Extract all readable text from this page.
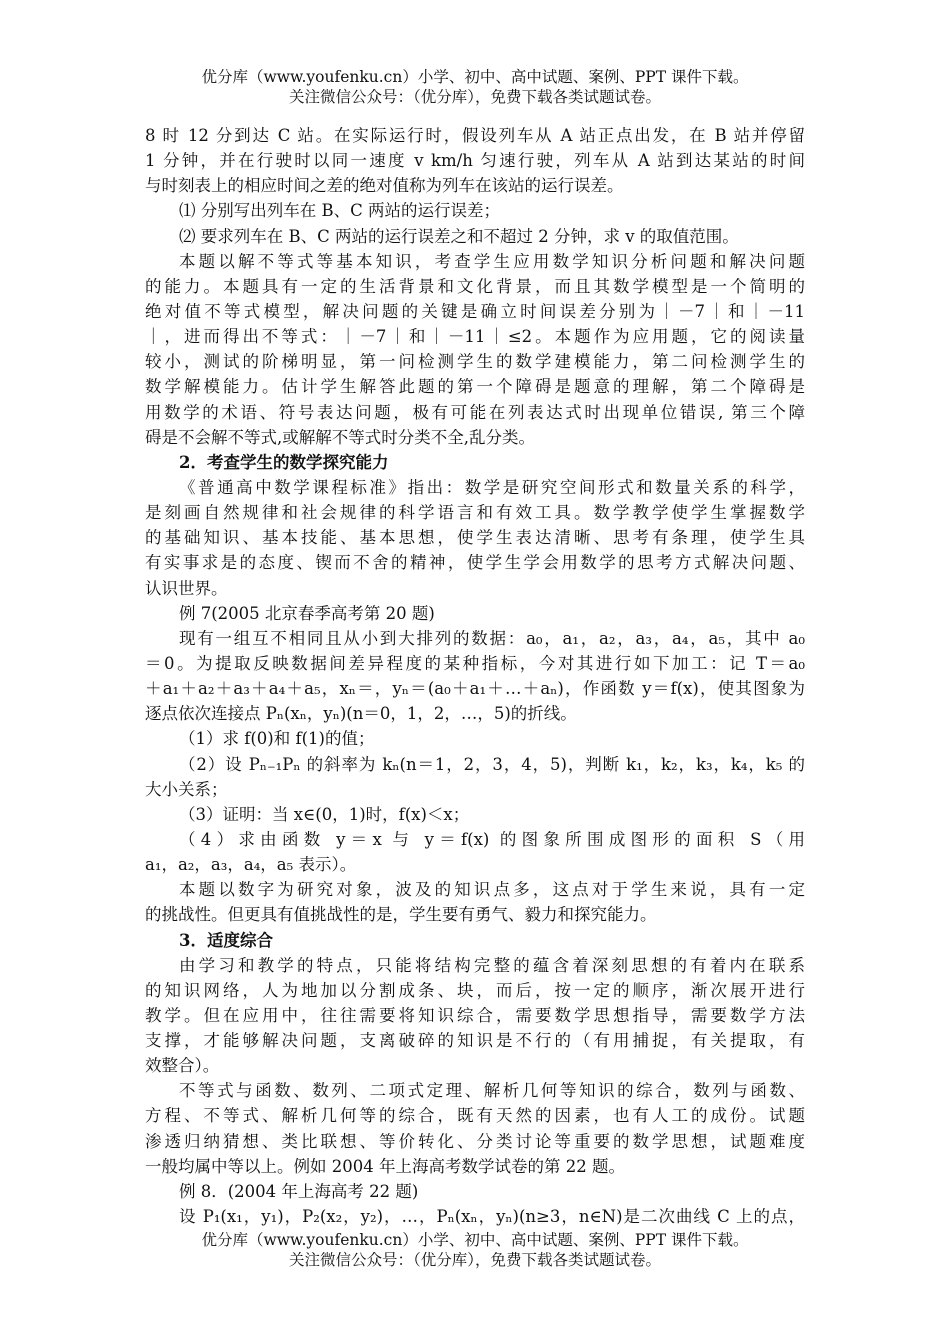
优分库（www.youfenku.cn）小学、初中、高中试题、案例、PPT 课件下载。
关注微信公众号：（优分库），免费下载各类试题试卷。
8 时 12 分到达 C 站。在实际运行时，假设列车从 A 站正点出发，在 B 站并停留
1 分钟，并在行驶时以同一速度 v km/h 匀速行驶，列车从 A 站到达某站的时间
与时刻表上的相应时间之差的绝对值称为列车在该站的运行误差。
⑴ 分别写出列车在 B、C 两站的运行误差；
⑵ 要求列车在 B、C 两站的运行误差之和不超过 2 分钟，求 v 的取值范围。
本题以解不等式等基本知识，考查学生应用数学知识分析问题和解决问题
的能力。本题具有一定的生活背景和文化背景，而且其数学模型是一个简明的
绝对值不等式模型，解决问题的关键是确立时间误差分别为｜－7｜和｜－11
｜，进而得出不等式：｜－7｜和｜－11｜≤2。本题作为应用题，它的阅读量
较小，测试的阶梯明显，第一问检测学生的数学建模能力，第二问检测学生的
数学解模能力。估计学生解答此题的第一个障碍是题意的理解，第二个障碍是
用数学的术语、符号表达问题，极有可能在列表达式时出现单位错误, 第三个障
碍是不会解不等式,或解解不等式时分类不全,乱分类。
2．考查学生的数学探究能力
《普通高中数学课程标准》指出：数学是研究空间形式和数量关系的科学，
是刻画自然规律和社会规律的科学语言和有效工具。数学教学使学生掌握数学
的基础知识、基本技能、基本思想，使学生表达清晰、思考有条理，使学生具
有实事求是的态度、锲而不舍的精神，使学生学会用数学的思考方式解决问题、
认识世界。
例 7(2005 北京春季高考第 20 题)
现有一组互不相同且从小到大排列的数据：a₀，a₁，a₂，a₃，a₄，a₅，其中 a₀
＝0。为提取反映数据间差异程度的某种指标，今对其进行如下加工：记 T＝a₀
＋a₁＋a₂＋a₃＋a₄＋a₅，xₙ＝，yₙ＝(a₀＋a₁＋…＋aₙ)，作函数 y＝f(x)，使其图象为
逐点依次连接点 Pₙ(xₙ，yₙ)(n＝0，1，2，…，5)的折线。
（1）求 f(0)和 f(1)的值；
（2）设 Pₙ₋₁Pₙ 的斜率为 kₙ(n＝1，2，3，4，5)，判断 k₁，k₂，k₃，k₄，k₅ 的
大小关系；
（3）证明：当 x∈(0，1)时，f(x)＜x；
（4）求由函数 y＝x 与 y＝f(x) 的图象所围成图形的面积 S（用
a₁，a₂，a₃，a₄，a₅ 表示）。
本题以数字为研究对象，波及的知识点多，这点对于学生来说，具有一定
的挑战性。但更具有值挑战性的是，学生要有勇气、毅力和探究能力。
3．适度综合
由学习和教学的特点，只能将结构完整的蕴含着深刻思想的有着内在联系
的知识网络，人为地加以分割成条、块，而后，按一定的顺序，渐次展开进行
教学。但在应用中，往往需要将知识综合，需要数学思想指导，需要数学方法
支撑，才能够解决问题，支离破碎的知识是不行的（有用捕捉，有关提取，有
效整合）。
不等式与函数、数列、二项式定理、解析几何等知识的综合，数列与函数、
方程、不等式、解析几何等的综合，既有天然的因素，也有人工的成份。试题
渗透归纳猜想、类比联想、等价转化、分类讨论等重要的数学思想，试题难度
一般均属中等以上。例如 2004 年上海高考数学试卷的第 22 题。
例 8．(2004 年上海高考 22 题)
设 P₁(x₁，y₁)，P₂(x₂，y₂)，…，Pₙ(xₙ，yₙ)(n≥3，n∈N)是二次曲线 C 上的点，
优分库（www.youfenku.cn）小学、初中、高中试题、案例、PPT 课件下载。
关注微信公众号：（优分库），免费下载各类试题试卷。
